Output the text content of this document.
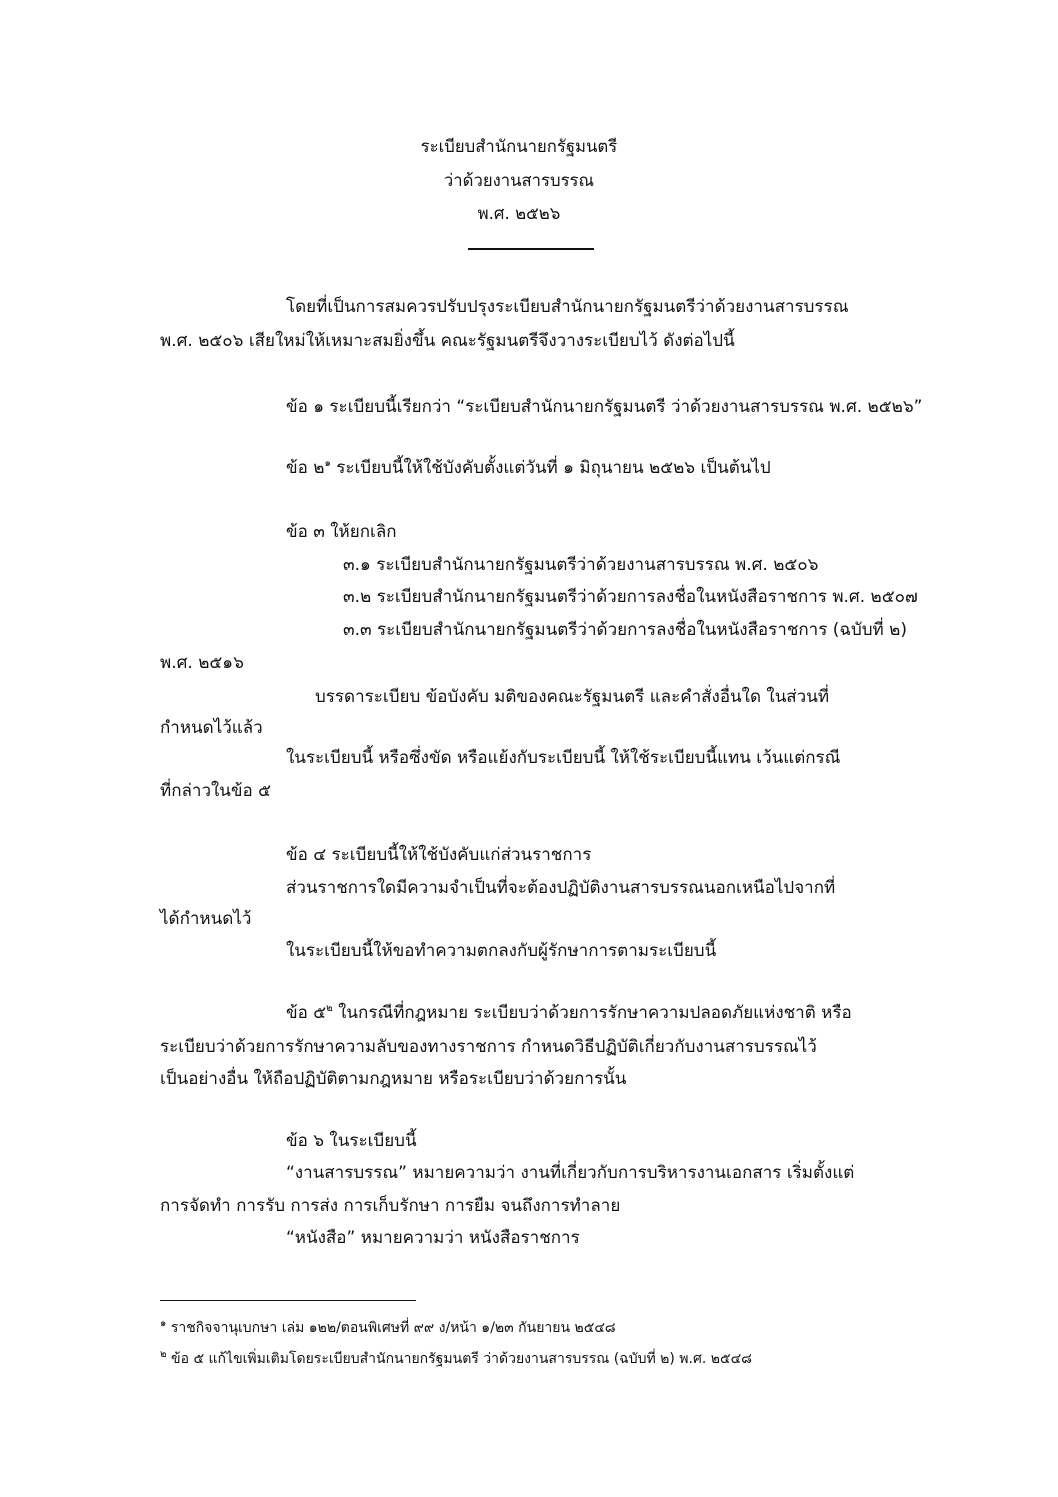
ระเบียบสำนักนายกรัฐมนตรี
ว่าด้วยงานสารบรรณ
พ.ศ. ๒๕๒๖
โดยที่เป็นการสมควรปรับปรุงระเบียบสำนักนายกรัฐมนตรีว่าด้วยงานสารบรรณ
พ.ศ. ๒๕๐๖ เสียใหม่ให้เหมาะสมยิ่งขึ้น คณะรัฐมนตรีจึงวางระเบียบไว้ ดังต่อไปนี้
ข้อ ๑ ระเบียบนี้เรียกว่า “ระเบียบสำนักนายกรัฐมนตรี ว่าด้วยงานสารบรรณ พ.ศ. ๒๕๒๖”
ข้อ ๒$^๑$ ระเบียบนี้ให้ใช้บังคับตั้งแต่วันที่ ๑ มิถุนายน ๒๕๒๖ เป็นต้นไป
ข้อ ๓ ให้ยกเลิก
๓.๑ ระเบียบสำนักนายกรัฐมนตรีว่าด้วยงานสารบรรณ พ.ศ. ๒๕๐๖
๓.๒ ระเบียบสำนักนายกรัฐมนตรีว่าด้วยการลงชื่อในหนังสือราชการ พ.ศ. ๒๕๐๗
๓.๓ ระเบียบสำนักนายกรัฐมนตรีว่าด้วยการลงชื่อในหนังสือราชการ (ฉบับที่ ๒)
พ.ศ. ๒๕๑๖
บรรดาระเบียบ ข้อบังคับ มติของคณะรัฐมนตรี และคำสั่งอื่นใด ในส่วนที่
กำหนดไว้แล้ว
ในระเบียบนี้ หรือซึ่งขัด หรือแย้งกับระเบียบนี้ ให้ใช้ระเบียบนี้แทน เว้นแต่กรณี
ที่กล่าวในข้อ ๕
ข้อ ๔ ระเบียบนี้ให้ใช้บังคับแก่ส่วนราชการ
ส่วนราชการใดมีความจำเป็นที่จะต้องปฏิบัติงานสารบรรณนอกเหนือไปจากที่
ได้กำหนดไว้
ในระเบียบนี้ให้ขอทำความตกลงกับผู้รักษาการตามระเบียบนี้
ข้อ ๕$^๒$ ในกรณีที่กฎหมาย ระเบียบว่าด้วยการรักษาความปลอดภัยแห่งชาติ หรือ
ระเบียบว่าด้วยการรักษาความลับของทางราชการ กำหนดวิธีปฏิบัติเกี่ยวกับงานสารบรรณไว้
เป็นอย่างอื่น ให้ถือปฏิบัติตามกฎหมาย หรือระเบียบว่าด้วยการนั้น
ข้อ ๖ ในระเบียบนี้
“งานสารบรรณ” หมายความว่า งานที่เกี่ยวกับการบริหารงานเอกสาร เริ่มตั้งแต่
การจัดทำ การรับ การส่ง การเก็บรักษา การยืม จนถึงการทำลาย
“หนังสือ” หมายความว่า หนังสือราชการ
$^๑$ ราชกิจจานุเบกษา เล่ม ๑๒๒/ตอนพิเศษที่ ๙๙ ง/หน้า ๑/๒๓ กันยายน ๒๕๔๘
$^๒$ ข้อ ๕ แก้ไขเพิ่มเติมโดยระเบียบสำนักนายกรัฐมนตรี ว่าด้วยงานสารบรรณ (ฉบับที่ ๒) พ.ศ. ๒๕๔๘
